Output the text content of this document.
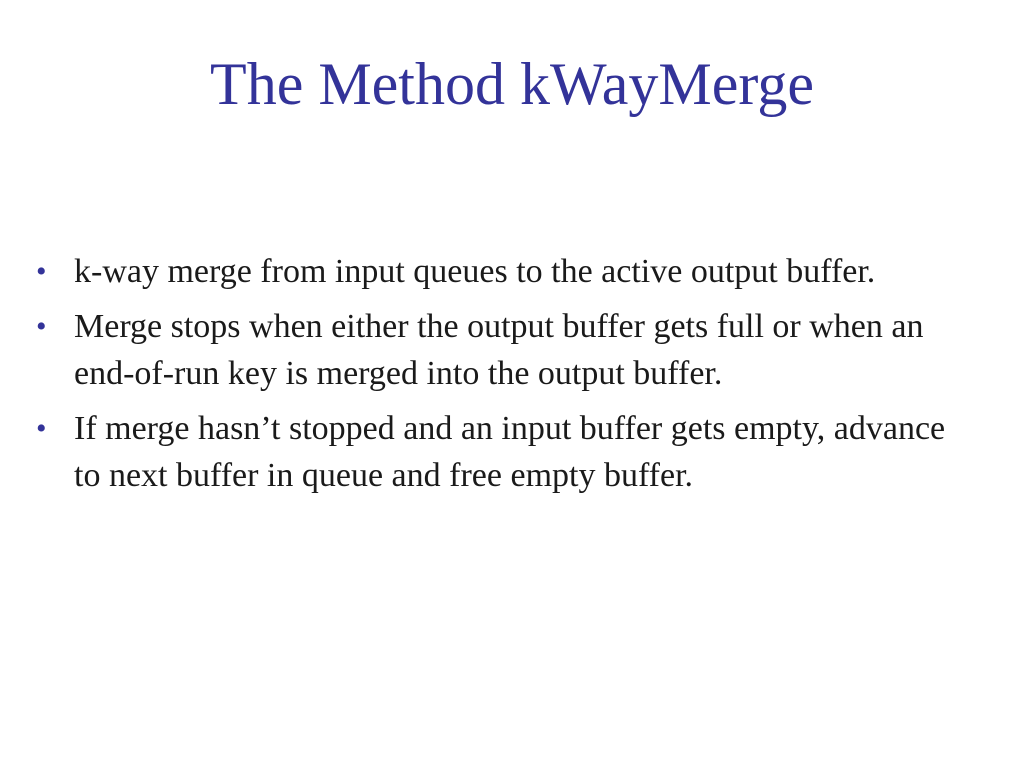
The Method kWayMerge
• k-way merge from input queues to the active output buffer.
• Merge stops when either the output buffer gets full or when an end-of-run key is merged into the output buffer.
• If merge hasn’t stopped and an input buffer gets empty, advance to next buffer in queue and free empty buffer.
